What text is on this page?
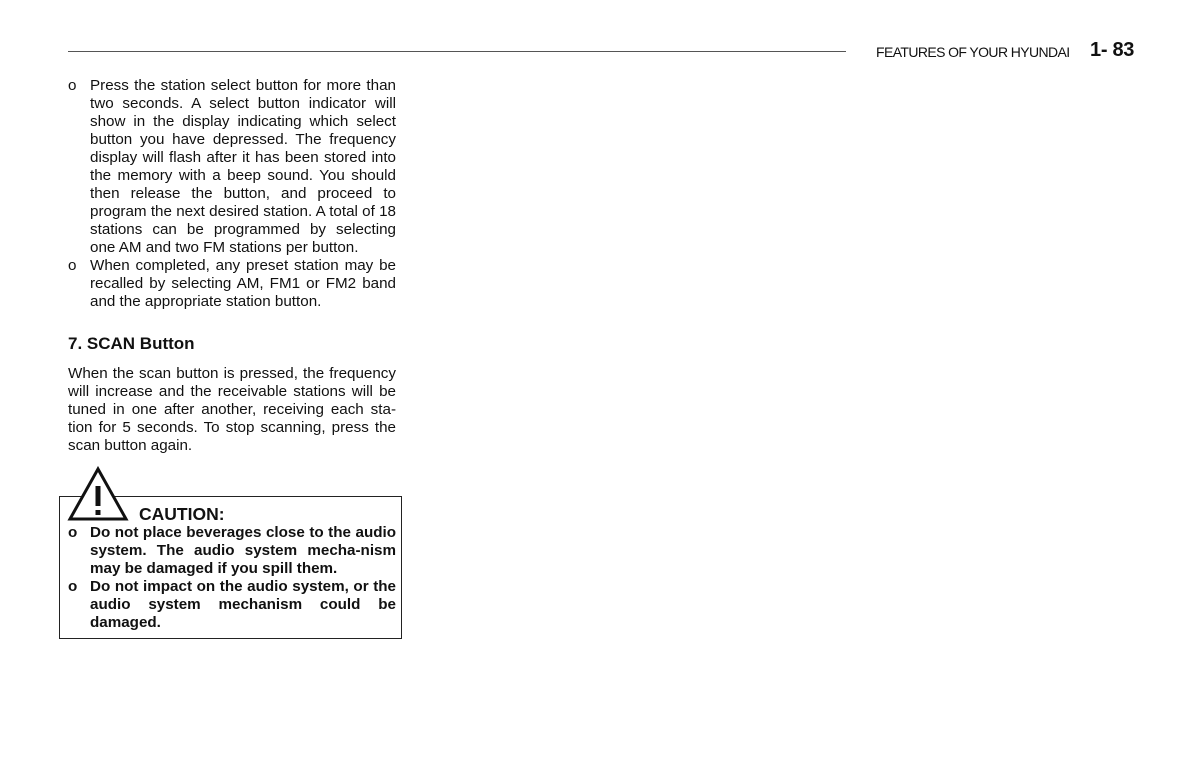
FEATURES OF YOUR HYUNDAI 1- 83
o Press the station select button for more than two seconds. A select button indicator will show in the display indicating which select button you have depressed. The frequency display will flash after it has been stored into the memory with a beep sound. You should then release the button, and proceed to program the next desired station. A total of 18 stations can be programmed by selecting one AM and two FM stations per button.
o When completed, any preset station may be recalled by selecting AM, FM1 or FM2 band and the appropriate station button.
7. SCAN Button

When the scan button is pressed, the frequency will increase and the receivable stations will be tuned in one after another, receiving each sta-tion for 5 seconds. To stop scanning, press the scan button again.

CAUTION:
o Do not place beverages close to the audio system. The audio system mecha-nism may be damaged if you spill them.
o Do not impact on the audio system, or the audio system mechanism could be damaged.
